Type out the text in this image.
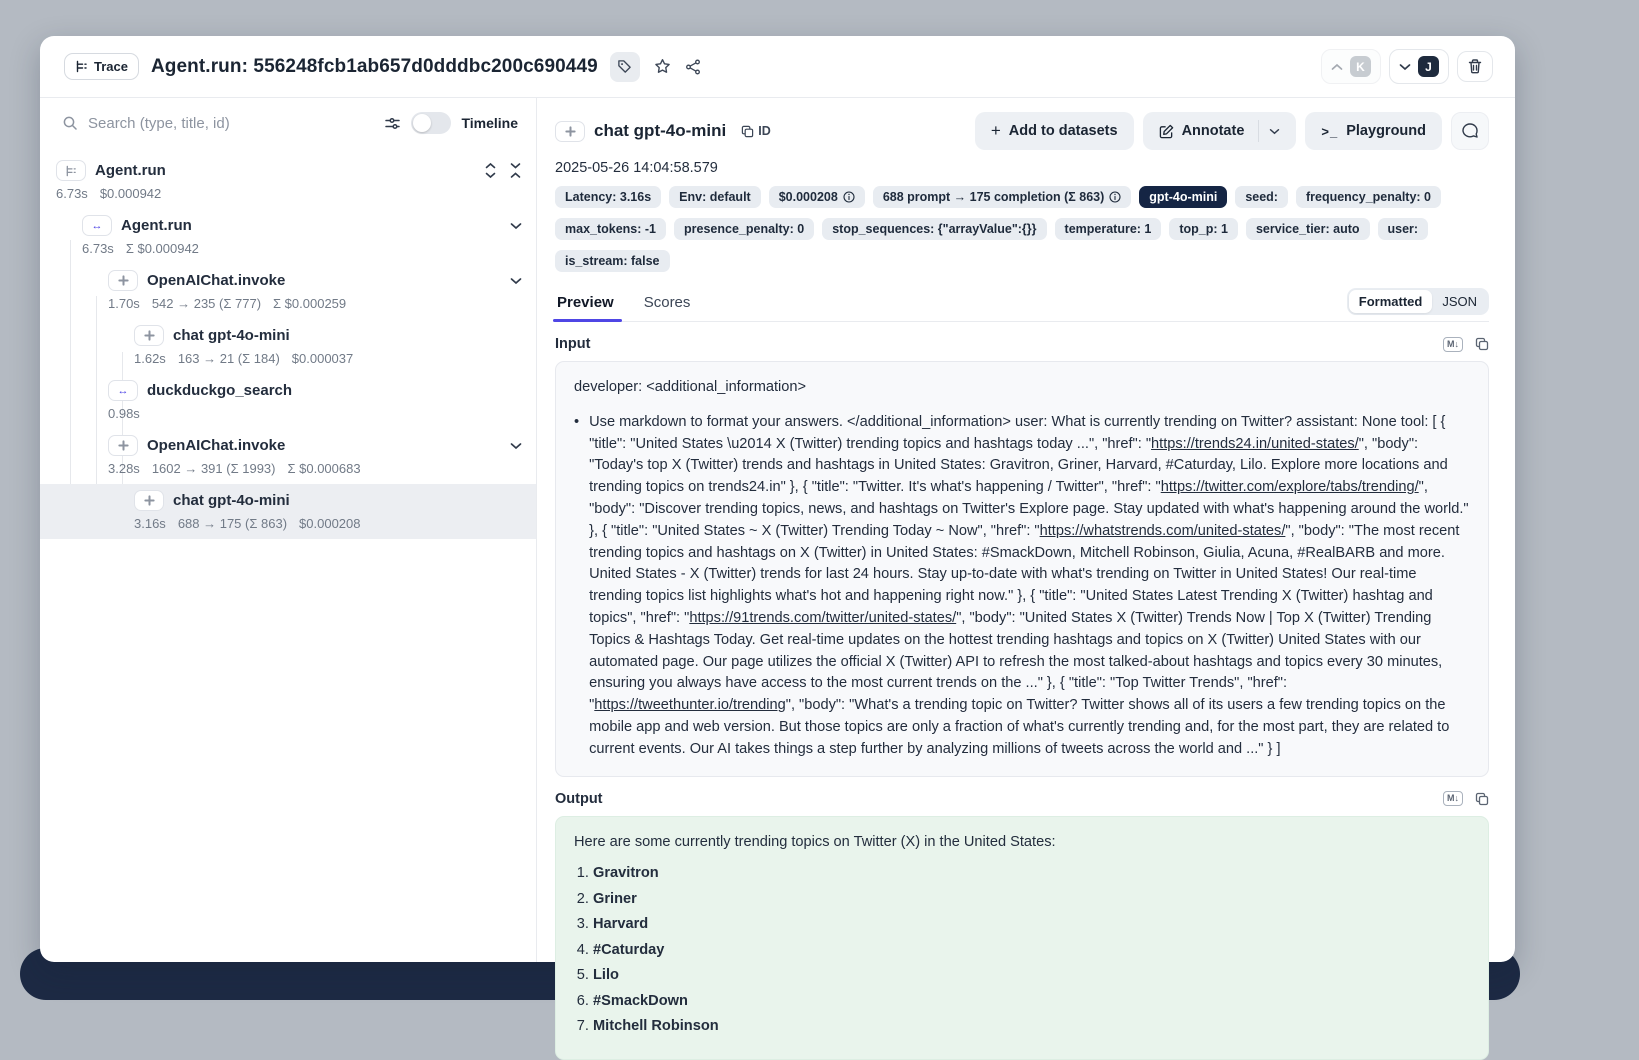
Trace Agent.run: 556248fcb1ab657d0dddbc200c690449	K	J
Search (type, title, id)
Timeline
Agent.run
6.73s $0.000942
↔	Agent.run
6.73s Σ $0.000942
OpenAIChat.invoke
1.70s 542 → 235 (Σ 777) Σ $0.000259
chat gpt-4o-mini
1.62s 163 → 21 (Σ 184) $0.000037
↔	duckduckgo_search
0.98s
OpenAIChat.invoke
3.28s 1602 → 391 (Σ 1993) Σ $0.000683
chat gpt-4o-mini
3.16s 688 → 175 (Σ 863) $0.000208
chat gpt-4o-mini	ID	+ Add to datasets	Annotate	>_ Playground
2025-05-26 14:04:58.579
Latency: 3.16s	Env: default	$0.000208	688 prompt → 175 completion (Σ 863)	gpt-4o-mini	seed:	frequency_penalty: 0
max_tokens: -1	presence_penalty: 0	stop_sequences: {"arrayValue":{}}	temperature: 1	top_p: 1	service_tier: auto	user:
is_stream: false
Preview Scores	Formatted	JSON
Input	M↓
developer: <additional_information>
• Use markdown to format your answers. </additional_information> user: What is currently trending on Twitter? assistant: None tool: [ { "title": "United States \u2014 X (Twitter) trending topics and hashtags today ...", "href": "https://trends24.in/united-states/", "body": "Today's top X (Twitter) trends and hashtags in United States: Gravitron, Griner, Harvard, #Caturday, Lilo. Explore more locations and trending topics on trends24.in" }, { "title": "Twitter. It's what's happening / Twitter", "href": "https://twitter.com/explore/tabs/trending/", "body": "Discover trending topics, news, and hashtags on Twitter's Explore page. Stay updated with what's happening around the world." }, { "title": "United States ~ X (Twitter) Trending Today ~ Now", "href": "https://whatstrends.com/united-states/", "body": "The most recent trending topics and hashtags on X (Twitter) in United States: #SmackDown, Mitchell Robinson, Giulia, Acuna, #RealBARB and more. United States - X (Twitter) trends for last 24 hours. Stay up-to-date with what's trending on Twitter in United States! Our real-time trending topics list highlights what's hot and happening right now." }, { "title": "United States Latest Trending X (Twitter) hashtag and topics", "href": "https://91trends.com/twitter/united-states/", "body": "United States X (Twitter) Trends Now | Top X (Twitter) Trending Topics & Hashtags Today. Get real-time updates on the hottest trending hashtags and topics on X (Twitter) United States with our automated page. Our page utilizes the official X (Twitter) API to refresh the most talked-about hashtags and topics every 30 minutes, ensuring you always have access to the most current trends on the ..." }, { "title": "Top Twitter Trends", "href": "https://tweethunter.io/trending", "body": "What's a trending topic on Twitter? Twitter shows all of its users a few trending topics on the mobile app and web version. But those topics are only a fraction of what's currently trending and, for the most part, they are related to current events. Our AI takes things a step further by analyzing millions of tweets across the world and ..." } ]
Output	M↓
Here are some currently trending topics on Twitter (X) in the United States:
1. Gravitron
2. Griner
3. Harvard
4. #Caturday
5. Lilo
6. #SmackDown
7. Mitchell Robinson
